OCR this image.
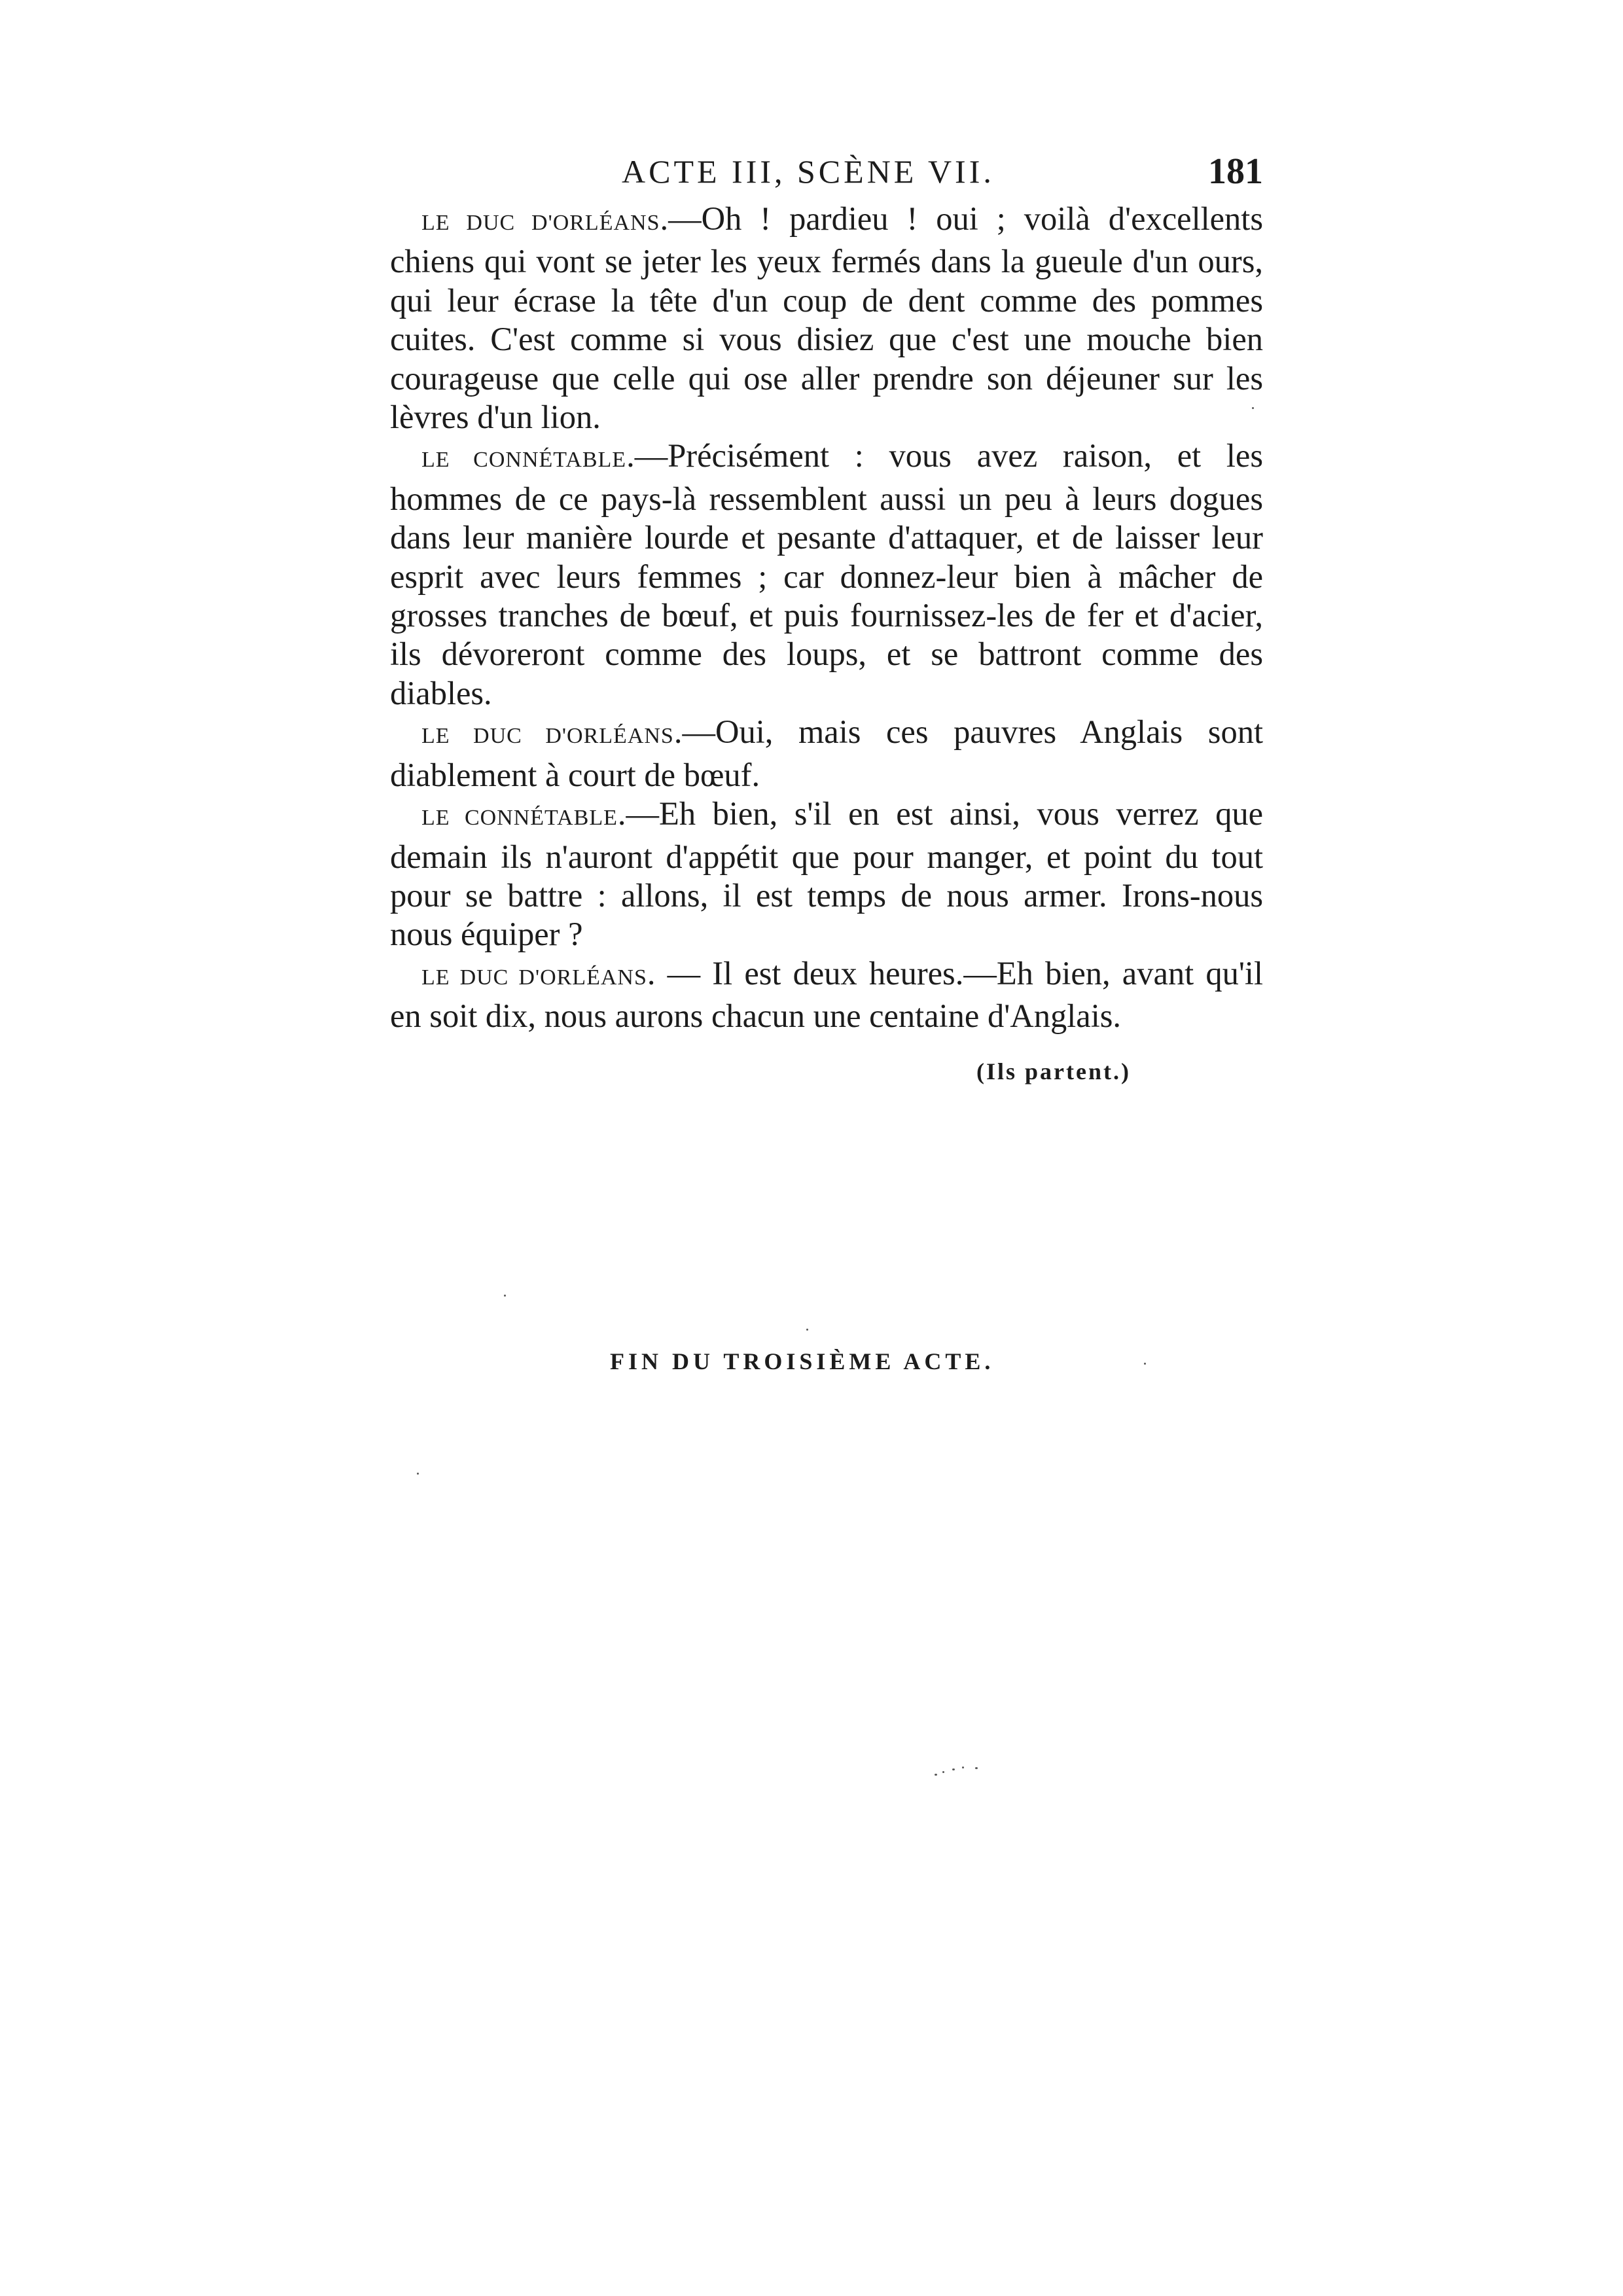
ACTE III, SCÈNE VII.	181

LE DUC D'ORLÉANS.—Oh ! pardieu ! oui ; voilà d'excellents chiens qui vont se jeter les yeux fermés dans la gueule d'un ours, qui leur écrase la tête d'un coup de dent comme des pommes cuites. C'est comme si vous disiez que c'est une mouche bien courageuse que celle qui ose aller prendre son déjeuner sur les lèvres d'un lion.

LE CONNÉTABLE.—Précisément : vous avez raison, et les hommes de ce pays-là ressemblent aussi un peu à leurs dogues dans leur manière lourde et pesante d'attaquer, et de laisser leur esprit avec leurs femmes ; car donnez-leur bien à mâcher de grosses tranches de bœuf, et puis fournissez-les de fer et d'acier, ils dévoreront comme des loups, et se battront comme des diables.

LE DUC D'ORLÉANS.—Oui, mais ces pauvres Anglais sont diablement à court de bœuf.

LE CONNÉTABLE.—Eh bien, s'il en est ainsi, vous verrez que demain ils n'auront d'appétit que pour manger, et point du tout pour se battre : allons, il est temps de nous armer. Irons-nous nous équiper ?

LE DUC D'ORLÉANS. — Il est deux heures.—Eh bien, avant qu'il en soit dix, nous aurons chacun une centaine d'Anglais.

(Ils partent.)
FIN DU TROISIÈME ACTE.
